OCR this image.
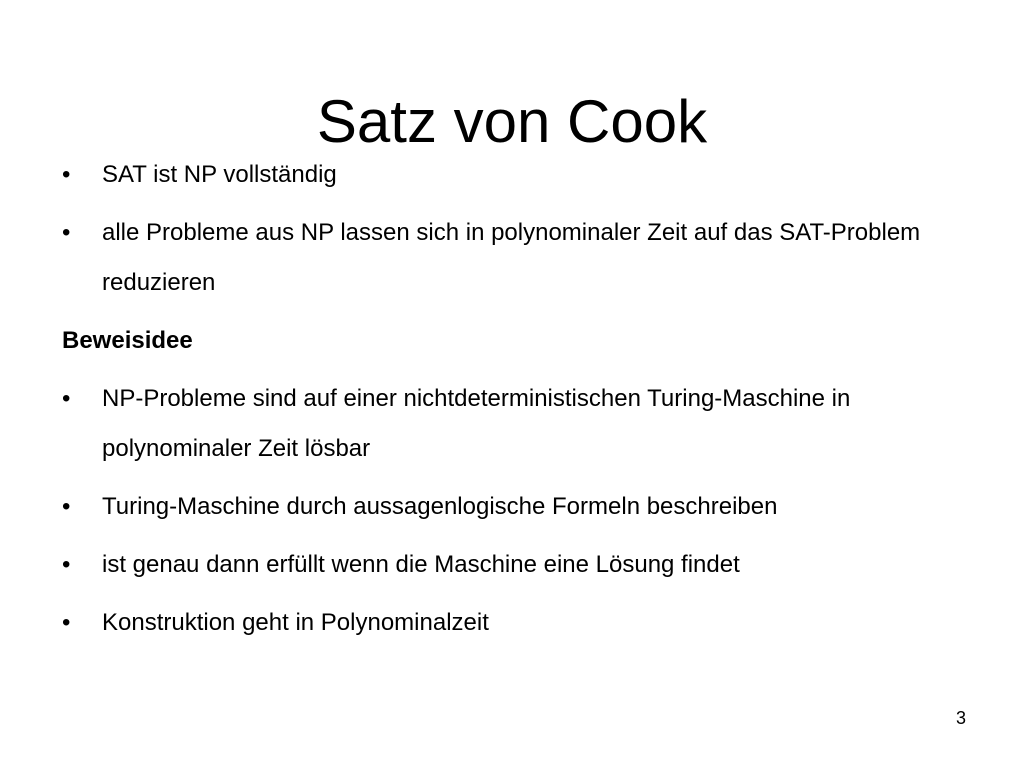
Satz von Cook
•	SAT ist NP vollständig
•	alle Probleme aus NP lassen sich in polynominaler Zeit auf das SAT-Problem reduzieren
Beweisidee
•	NP-Probleme sind auf einer nichtdeterministischen Turing-Maschine in polynominaler Zeit lösbar
•	Turing-Maschine durch aussagenlogische Formeln beschreiben
•	ist genau dann erfüllt wenn die Maschine eine Lösung findet
•	Konstruktion geht in Polynominalzeit
3
